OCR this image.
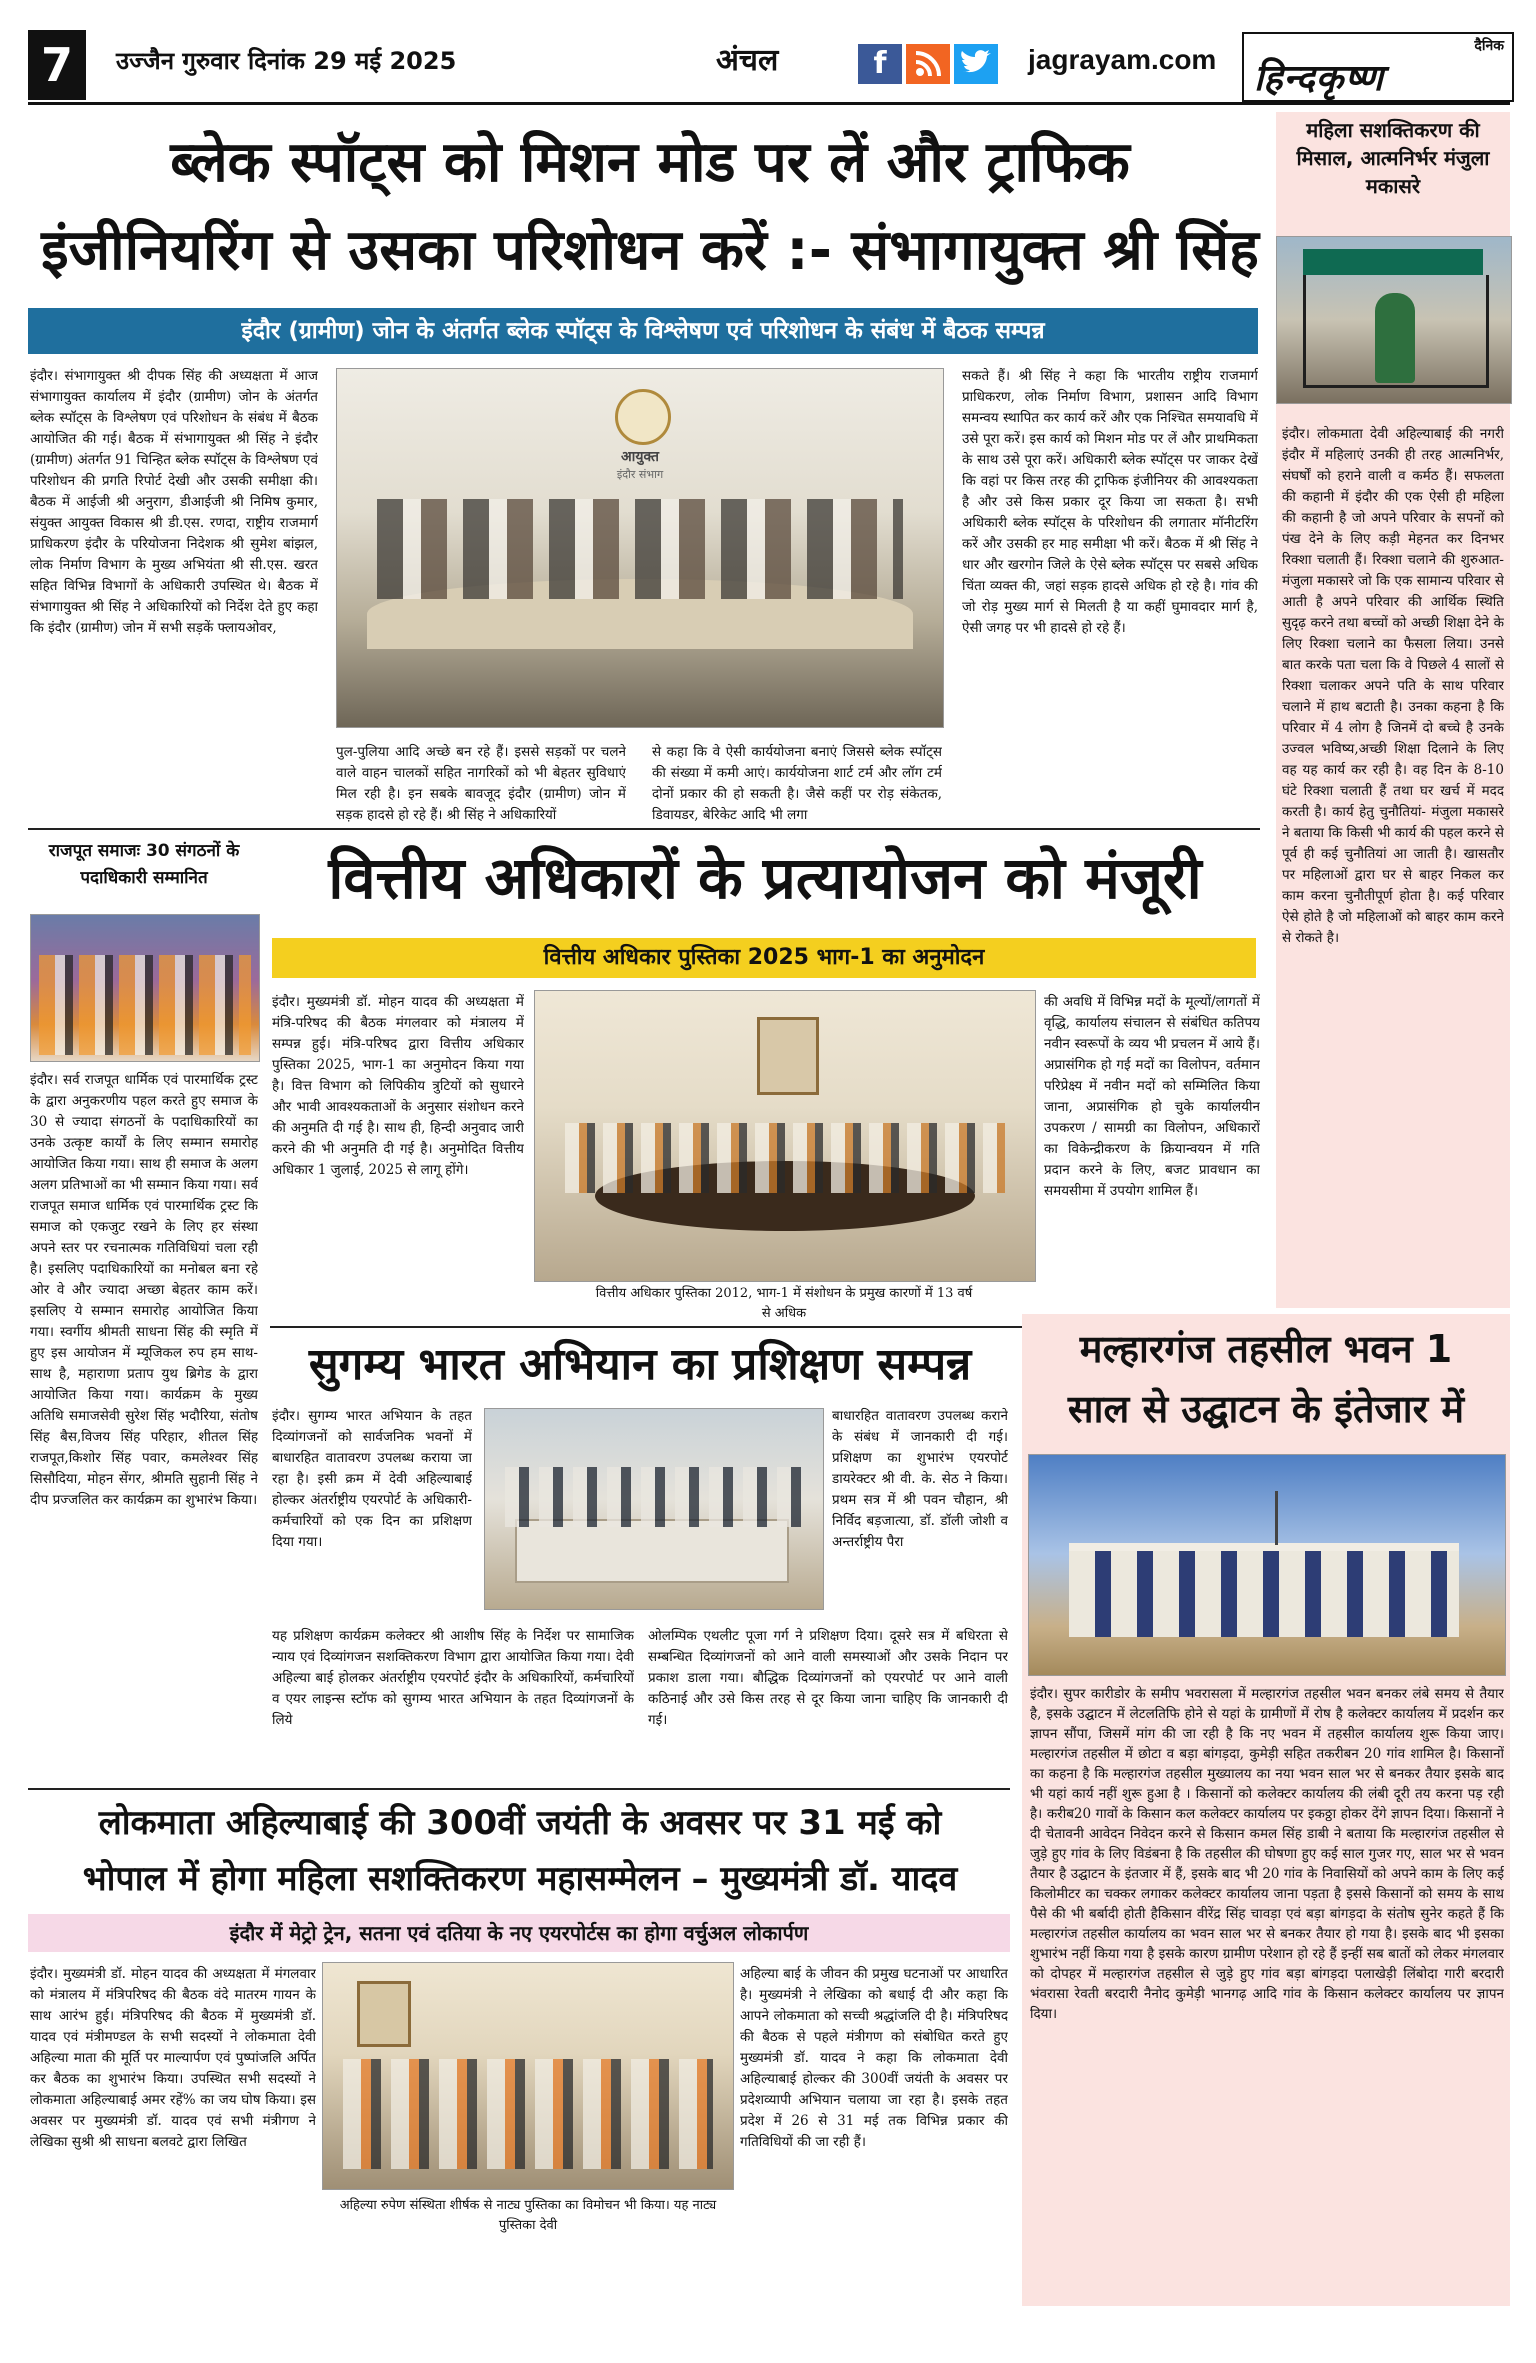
7	उज्जैन गुरुवार दिनांक 29 मई 2025	अंचल	f	jagrayam.com	दैनिक
हिन्दकृष्ण
ब्लेक स्पॉट्स को मिशन मोड पर लें और ट्राफिक
इंजीनियरिंग से उसका परिशोधन करें :- संभागायुक्त श्री सिंह
इंदौर (ग्रामीण) जोन के अंतर्गत ब्लेक स्पॉट्स के विश्लेषण एवं परिशोधन के संबंध में बैठक सम्पन्न
इंदौर। संभागायुक्त श्री दीपक सिंह की अध्यक्षता में आज संभागायुक्त कार्यालय में इंदौर (ग्रामीण) जोन के अंतर्गत ब्लेक स्पॉट्स के विश्लेषण एवं परिशोधन के संबंध में बैठक आयोजित की गई। बैठक में संभागायुक्त श्री सिंह ने इंदौर (ग्रामीण) अंतर्गत 91 चिन्हित ब्लेक स्पॉट्स के विश्लेषण एवं परिशोधन की प्रगति रिपोर्ट देखी और उसकी समीक्षा की। बैठक में आईजी श्री अनुराग, डीआईजी श्री निमिष कुमार, संयुक्त आयुक्त विकास श्री डी.एस. रणदा, राष्ट्रीय राजमार्ग प्राधिकरण इंदौर के परियोजना निदेशक श्री सुमेश बांझल, लोक निर्माण विभाग के मुख्य अभियंता श्री सी.एस. खरत सहित विभिन्न विभागों के अधिकारी उपस्थित थे। बैठक में संभागायुक्त श्री सिंह ने अधिकारियों को निर्देश देते हुए कहा कि इंदौर (ग्रामीण) जोन में सभी सड़कें फ्लायओवर,
आयुक्त
इंदौर संभाग
पुल-पुलिया आदि अच्छे बन रहे हैं। इससे सड़कों पर चलने वाले वाहन चालकों सहित नागरिकों को भी बेहतर सुविधाएं मिल रही है। इन सबके बावजूद इंदौर (ग्रामीण) जोन में सड़क हादसे हो रहे हैं। श्री सिंह ने अधिकारियों
से कहा कि वे ऐसी कार्ययोजना बनाएं जिससे ब्लेक स्पॉट्स की संख्या में कमी आएं। कार्ययोजना शार्ट टर्म और लॉग टर्म दोनों प्रकार की हो सकती है। जैसे कहीं पर रोड़ संकेतक, डिवायडर, बेरिकेट आदि भी लगा
सकते हैं। श्री सिंह ने कहा कि भारतीय राष्ट्रीय राजमार्ग प्राधिकरण, लोक निर्माण विभाग, प्रशासन आदि विभाग समन्वय स्थापित कर कार्य करें और एक निश्चित समयावधि में उसे पूरा करें। इस कार्य को मिशन मोड पर लें और प्राथमिकता के साथ उसे पूरा करें। अधिकारी ब्लेक स्पॉट्स पर जाकर देखें कि वहां पर किस तरह की ट्राफिक इंजीनियर की आवश्यकता है और उसे किस प्रकार दूर किया जा सकता है। सभी अधिकारी ब्लेक स्पॉट्स के परिशोधन की लगातार मॉनीटरिंग करें और उसकी हर माह समीक्षा भी करें। बैठक में श्री सिंह ने धार और खरगोन जिले के ऐसे ब्लेक स्पॉट्स पर सबसे अधिक चिंता व्यक्त की, जहां सड़क हादसे अधिक हो रहे है। गांव की जो रोड़ मुख्य मार्ग से मिलती है या कहीं घुमावदार मार्ग है, ऐसी जगह पर भी हादसे हो रहे हैं।
महिला सशक्तिकरण की मिसाल, आत्मनिर्भर मंजुला मकासरे
इंदौर। लोकमाता देवी अहिल्याबाई की नगरी इंदौर में महिलाएं उनकी ही तरह आत्मनिर्भर, संघर्षों को हराने वाली व कर्मठ हैं। सफलता की कहानी में इंदौर की एक ऐसी ही महिला की कहानी है जो अपने परिवार के सपनों को पंख देने के लिए कड़ी मेहनत कर दिनभर रिक्शा चलाती हैं। रिक्शा चलाने की शुरुआत- मंजुला मकासरे जो कि एक सामान्य परिवार से आती है अपने परिवार की आर्थिक स्थिति सुदृढ़ करने तथा बच्चों को अच्छी शिक्षा देने के लिए रिक्शा चलाने का फैसला लिया। उनसे बात करके पता चला कि वे पिछले 4 सालों से रिक्शा चलाकर अपने पति के साथ परिवार चलाने में हाथ बटाती है। उनका कहना है कि परिवार में 4 लोग है जिनमें दो बच्चे है उनके उज्वल भविष्य,अच्छी शिक्षा दिलाने के लिए वह यह कार्य कर रही है। वह दिन के 8-10 घंटे रिक्शा चलाती हैं तथा घर खर्च में मदद करती है। कार्य हेतु चुनौतियां- मंजुला मकासरे ने बताया कि किसी भी कार्य की पहल करने से पूर्व ही कई चुनौतियां आ जाती है। खासतौर पर महिलाओं द्वारा घर से बाहर निकल कर काम करना चुनौतीपूर्ण होता है। कई परिवार ऐसे होते है जो महिलाओं को बाहर काम करने से रोकते है।
राजपूत समाजः 30 संगठनों के पदाधिकारी सम्मानित
इंदौर। सर्व राजपूत धार्मिक एवं पारमार्थिक ट्रस्ट के द्वारा अनुकरणीय पहल करते हुए समाज के 30 से ज्यादा संगठनों के पदाधिकारियों का उनके उत्कृष्ट कार्यों के लिए सम्मान समारोह आयोजित किया गया। साथ ही समाज के अलग अलग प्रतिभाओं का भी सम्मान किया गया। सर्व राजपूत समाज धार्मिक एवं पारमार्थिक ट्रस्ट कि समाज को एकजुट रखने के लिए हर संस्था अपने स्तर पर रचनात्मक गतिविधियां चला रही है। इसलिए पदाधिकारियों का मनोबल बना रहे ओर वे और ज्यादा अच्छा बेहतर काम करें। इसलिए ये सम्मान समारोह आयोजित किया गया। स्वर्गीय श्रीमती साधना सिंह की स्मृति में हुए इस आयोजन में म्यूजिकल रुप हम साथ-साथ है, महाराणा प्रताप युथ ब्रिगेड के द्वारा आयोजित किया गया। कार्यक्रम के मुख्य अतिथि समाजसेवी सुरेश सिंह भदौरिया, संतोष सिंह बैस,विजय सिंह परिहार, शीतल सिंह राजपूत,किशोर सिंह पवार, कमलेश्वर सिंह सिसौदिया, मोहन सेंगर, श्रीमति सुहानी सिंह ने दीप प्रज्जलित कर कार्यक्रम का शुभारंभ किया।
वित्तीय अधिकारों के प्रत्यायोजन को मंजूरी
वित्तीय अधिकार पुस्तिका 2025 भाग-1 का अनुमोदन
इंदौर। मुख्यमंत्री डॉ. मोहन यादव की अध्यक्षता में मंत्रि-परिषद की बैठक मंगलवार को मंत्रालय में सम्पन्न हुई। मंत्रि-परिषद द्वारा वित्तीय अधिकार पुस्तिका 2025, भाग-1 का अनुमोदन किया गया है। वित्त विभाग को लिपिकीय त्रुटियों को सुधारने और भावी आवश्यकताओं के अनुसार संशोधन करने की अनुमति दी गई है। साथ ही, हिन्दी अनुवाद जारी करने की भी अनुमति दी गई है। अनुमोदित वित्तीय अधिकार 1 जुलाई, 2025 से लागू होंगे।
वित्तीय अधिकार पुस्तिका 2012, भाग-1 में संशोधन के प्रमुख कारणों में 13 वर्ष से अधिक
की अवधि में विभिन्न मदों के मूल्यों/लागतों में वृद्धि, कार्यालय संचालन से संबंधित कतिपय नवीन स्वरूपों के व्यय भी प्रचलन में आये हैं। अप्रासंगिक हो गई मदों का विलोपन, वर्तमान परिप्रेक्ष्य में नवीन मदों को सम्मिलित किया जाना, अप्रासंगिक हो चुके कार्यालयीन उपकरण / सामग्री का विलोपन, अधिकारों का विकेन्द्रीकरण के क्रियान्वयन में गति प्रदान करने के लिए, बजट प्रावधान का समयसीमा में उपयोग शामिल हैं।
सुगम्य भारत अभियान का प्रशिक्षण सम्पन्न
इंदौर। सुगम्य भारत अभियान के तहत दिव्यांगजनों को सार्वजनिक भवनों में बाधारहित वातावरण उपलब्ध कराया जा रहा है। इसी क्रम में देवी अहिल्याबाई होल्कर अंतर्राष्ट्रीय एयरपोर्ट के अधिकारी-कर्मचारियों को एक दिन का प्रशिक्षण दिया गया।
बाधारहित वातावरण उपलब्ध कराने के संबंध में जानकारी दी गई। प्रशिक्षण का शुभारंभ एयरपोर्ट डायरेक्टर श्री वी. के. सेठ ने किया। प्रथम सत्र में श्री पवन चौहान, श्री निर्विद बड़जात्या, डॉ. डॉली जोशी व अन्तर्राष्ट्रीय पैरा
यह प्रशिक्षण कार्यक्रम कलेक्टर श्री आशीष सिंह के निर्देश पर सामाजिक न्याय एवं दिव्यांगजन सशक्तिकरण विभाग द्वारा आयोजित किया गया। देवी अहिल्या बाई होलकर अंतर्राष्ट्रीय एयरपोर्ट इंदौर के अधिकारियों, कर्मचारियों व एयर लाइन्स स्टॉफ को सुगम्य भारत अभियान के तहत दिव्यांगजनों के लिये
ओलम्पिक एथलीट पूजा गर्ग ने प्रशिक्षण दिया। दूसरे सत्र में बधिरता से सम्बन्धित दिव्यांगजनों को आने वाली समस्याओं और उसके निदान पर प्रकाश डाला गया। बौद्धिक दिव्यांगजनों को एयरपोर्ट पर आने वाली कठिनाई और उसे किस तरह से दूर किया जाना चाहिए कि जानकारी दी गई।
मल्हारगंज तहसील भवन 1
साल से उद्घाटन के इंतेजार में
इंदौर। सुपर कारीडोर के समीप भवरासला में मल्हारगंज तहसील भवन बनकर लंबे समय से तैयार है, इसके उद्घाटन में लेटलतिफि होने से यहां के ग्रामीणों में रोष है कलेक्टर कार्यालय में प्रदर्शन कर ज्ञापन सौंपा, जिसमें मांग की जा रही है कि नए भवन में तहसील कार्यालय शुरू किया जाए। मल्हारगंज तहसील में छोटा व बड़ा बांगड़दा, कुमेड़ी सहित तकरीबन 20 गांव शामिल है। किसानों का कहना है कि मल्हारगंज तहसील मुख्यालय का नया भवन साल भर से बनकर तैयार इसके बाद भी यहां कार्य नहीं शुरू हुआ है । किसानों को कलेक्टर कार्यालय की लंबी दूरी तय करना पड़ रही है। करीब20 गावों के किसान कल कलेक्टर कार्यालय पर इकठ्ठा होकर देंगे ज्ञापन दिया। किसानों ने दी चेतावनी आवेदन निवेदन करने से किसान कमल सिंह डाबी ने बताया कि मल्हारगंज तहसील से जुड़े हुए गांव के लिए विडंबना है कि तहसील की घोषणा हुए कई साल गुजर गए, साल भर से भवन तैयार है उद्घाटन के इंतजार में हैं, इसके बाद भी 20 गांव के निवासियों को अपने काम के लिए कई किलोमीटर का चक्कर लगाकर कलेक्टर कार्यालय जाना पड़ता है इससे किसानों को समय के साथ पैसे की भी बर्बादी होती हैकिसान वीरेंद्र सिंह चावड़ा एवं बड़ा बांगड़दा के संतोष सुनेर कहते हैं कि मल्हारगंज तहसील कार्यालय का भवन साल भर से बनकर तैयार हो गया है। इसके बाद भी इसका शुभारंभ नहीं किया गया है इसके कारण ग्रामीण परेशान हो रहे हैं इन्हीं सब बातों को लेकर मंगलवार को दोपहर में मल्हारगंज तहसील से जुड़े हुए गांव बड़ा बांगड़दा पलाखेड़ी लिंबोदा गारी बरदारी भंवरासा रेवती बरदारी नैनोद कुमेड़ी भानगढ़ आदि गांव के किसान कलेक्टर कार्यालय पर ज्ञापन दिया।
लोकमाता अहिल्याबाई की 300वीं जयंती के अवसर पर 31 मई को
भोपाल में होगा महिला सशक्तिकरण महासम्मेलन – मुख्यमंत्री डॉ. यादव
इंदौर में मेट्रो ट्रेन, सतना एवं दतिया के नए एयरपोर्टस का होगा वर्चुअल लोकार्पण
इंदौर। मुख्यमंत्री डॉ. मोहन यादव की अध्यक्षता में मंगलवार को मंत्रालय में मंत्रिपरिषद की बैठक वंदे मातरम गायन के साथ आरंभ हुई। मंत्रिपरिषद की बैठक में मुख्यमंत्री डॉ. यादव एवं मंत्रीमण्डल के सभी सदस्यों ने लोकमाता देवी अहिल्या माता की मूर्ति पर माल्यार्पण एवं पुष्पांजलि अर्पित कर बैठक का शुभारंभ किया। उपस्थित सभी सदस्यों ने लोकमाता अहिल्याबाई अमर रहें% का जय घोष किया। इस अवसर पर मुख्यमंत्री डॉ. यादव एवं सभी मंत्रीगण ने लेखिका सुश्री श्री साधना बलवटे द्वारा लिखित
अहिल्या रुपेण संस्थिता शीर्षक से नाट्य पुस्तिका का विमोचन भी किया। यह नाट्य पुस्तिका देवी
अहिल्या बाई के जीवन की प्रमुख घटनाओं पर आधारित है। मुख्यमंत्री ने लेखिका को बधाई दी और कहा कि आपने लोकमाता को सच्ची श्रद्धांजलि दी है। मंत्रिपरिषद की बैठक से पहले मंत्रीगण को संबोधित करते हुए मुख्यमंत्री डॉ. यादव ने कहा कि लोकमाता देवी अहिल्याबाई होल्कर की 300वीं जयंती के अवसर पर प्रदेशव्यापी अभियान चलाया जा रहा है। इसके तहत प्रदेश में 26 से 31 मई तक विभिन्न प्रकार की गतिविधियों की जा रही हैं।
